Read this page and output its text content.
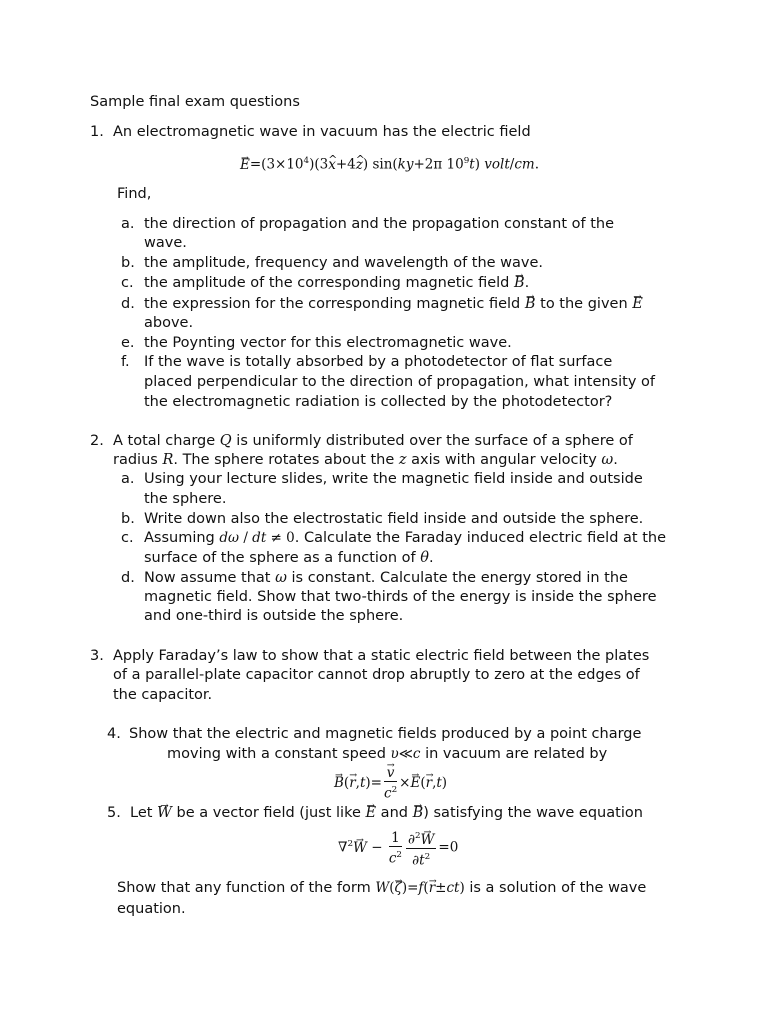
Sample final exam questions
1. An electromagnetic wave in vacuum has the electric field
→ $E=(3\times 10^4)(3\^{}$ x+4^ z) sin(ky+2π $10^9t$) volt/cm.
Find,
a. the direction of propagation and the propagation constant of the
wave.
b. the amplitude, frequency and wavelength of the wave.
c. the amplitude of the corresponding magnetic field → B.
d. the expression for the corresponding magnetic field → B to the given → E
above.
e. the Poynting vector for this electromagnetic wave.
f. If the wave is totally absorbed by a photodetector of flat surface
placed perpendicular to the direction of propagation, what intensity of
the electromagnetic radiation is collected by the photodetector?
2. A total charge Q is uniformly distributed over the surface of a sphere of
radius R. The sphere rotates about the z axis with angular velocity ω.
a. Using your lecture slides, write the magnetic field inside and outside
the sphere.
b. Write down also the electrostatic field inside and outside the sphere.
c. Assuming dω / dt ≠ 0. Calculate the Faraday induced electric field at the
surface of the sphere as a function of θ.
d. Now assume that ω is constant. Calculate the energy stored in the
magnetic field. Show that two-thirds of the energy is inside the sphere
and one-third is outside the sphere.
3. Apply Faraday’s law to show that a static electric field between the plates
of a parallel-plate capacitor cannot drop abruptly to zero at the edges of
the capacitor.
4. Show that the electric and magnetic fields produced by a point charge
moving with a constant speed υ≪c in vacuum are related by
→ B(→ r,t)=
→ $\frac{v}{c^2} \times\to E(\to r,t)$
5. Let → W be a vector field (just like → E and → B) satisfying the wave equation
$\nabla^2\to W - \frac{1}{c^2} \frac{\partial^2\to W}{\partial t^2} =0$
Show that any function of the form W(→ ζ)=f(→ r±ct) is a solution of the wave
equation.
